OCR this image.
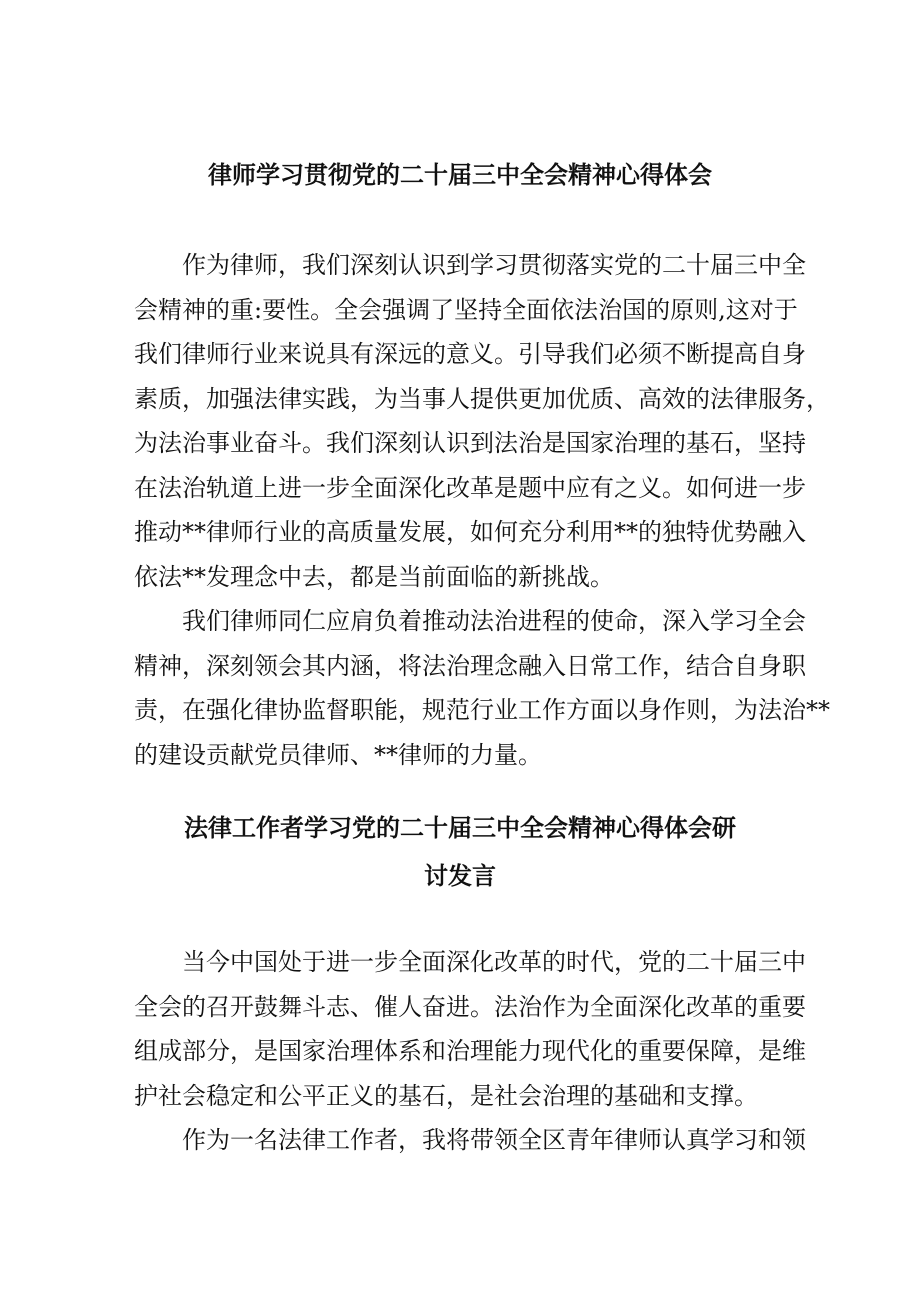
律师学习贯彻党的二十届三中全会精神心得体会
作为律师，我们深刻认识到学习贯彻落实党的二十届三中全
会精神的重:要性。全会强调了坚持全面依法治国的原则,这对于
我们律师行业来说具有深远的意义。引导我们必须不断提高自身
素质，加强法律实践，为当事人提供更加优质、高效的法律服务，
为法治事业奋斗。我们深刻认识到法治是国家治理的基石，坚持
在法治轨道上进一步全面深化改革是题中应有之义。如何进一步
推动**律师行业的高质量发展，如何充分利用**的独特优势融入
依法**发理念中去，都是当前面临的新挑战。
我们律师同仁应肩负着推动法治进程的使命，深入学习全会
精神，深刻领会其内涵，将法治理念融入日常工作，结合自身职
责，在强化律协监督职能，规范行业工作方面以身作则，为法治**
的建设贡献党员律师、**律师的力量。
法律工作者学习党的二十届三中全会精神心得体会研
讨发言
当今中国处于进一步全面深化改革的时代，党的二十届三中
全会的召开鼓舞斗志、催人奋进。法治作为全面深化改革的重要
组成部分，是国家治理体系和治理能力现代化的重要保障，是维
护社会稳定和公平正义的基石，是社会治理的基础和支撑。
作为一名法律工作者，我将带领全区青年律师认真学习和领
